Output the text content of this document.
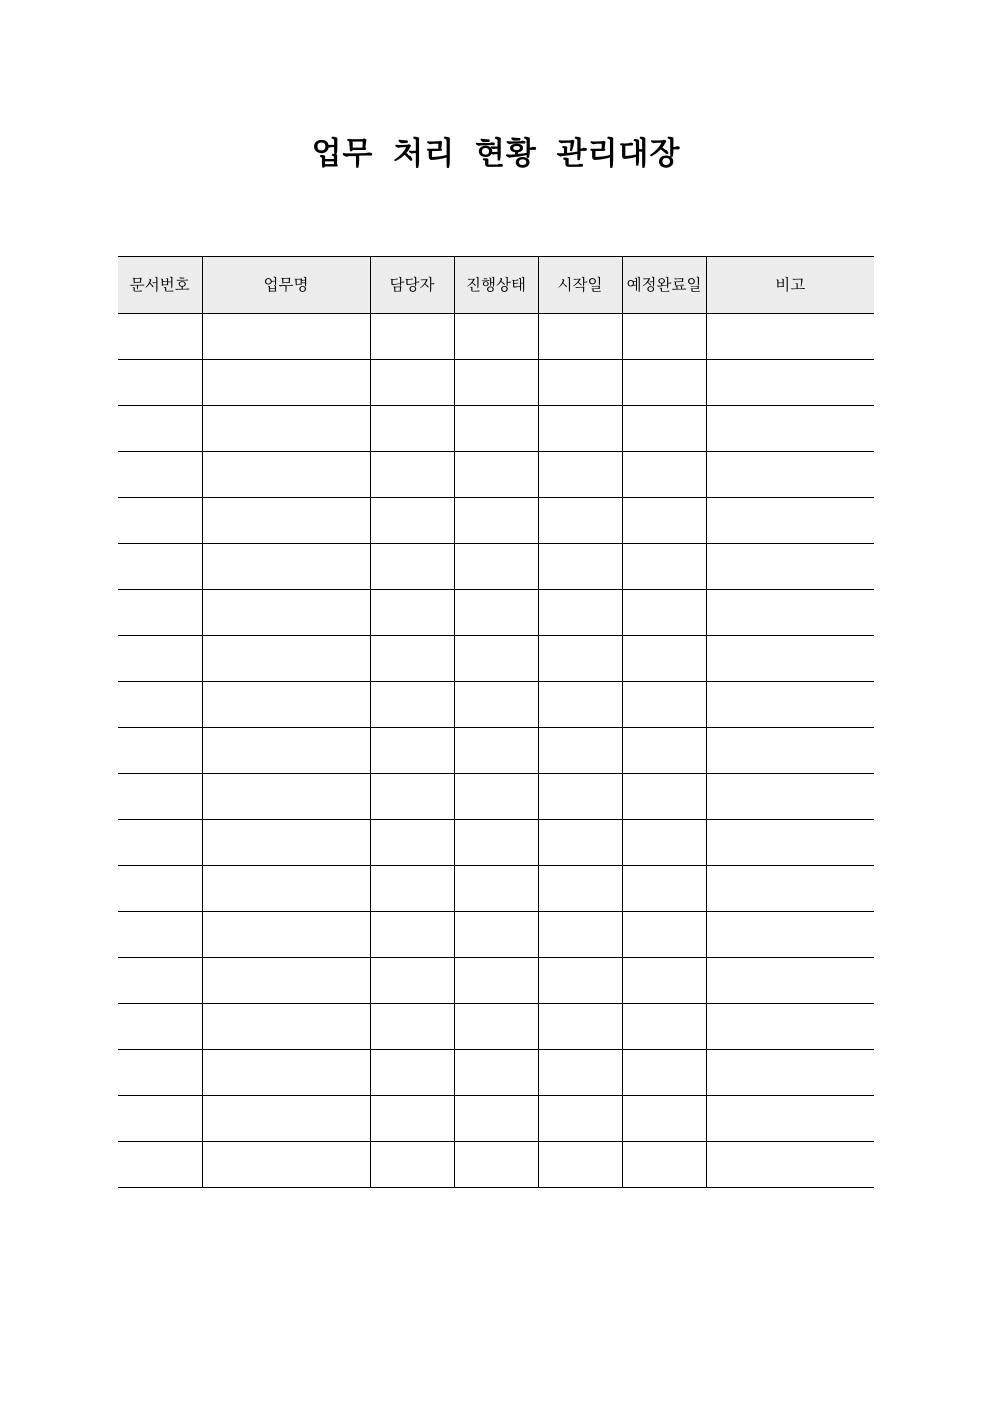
업무 처리 현황 관리대장
문서번호	업무명	담당자	진행상태	시작일	예정완료일	비고
